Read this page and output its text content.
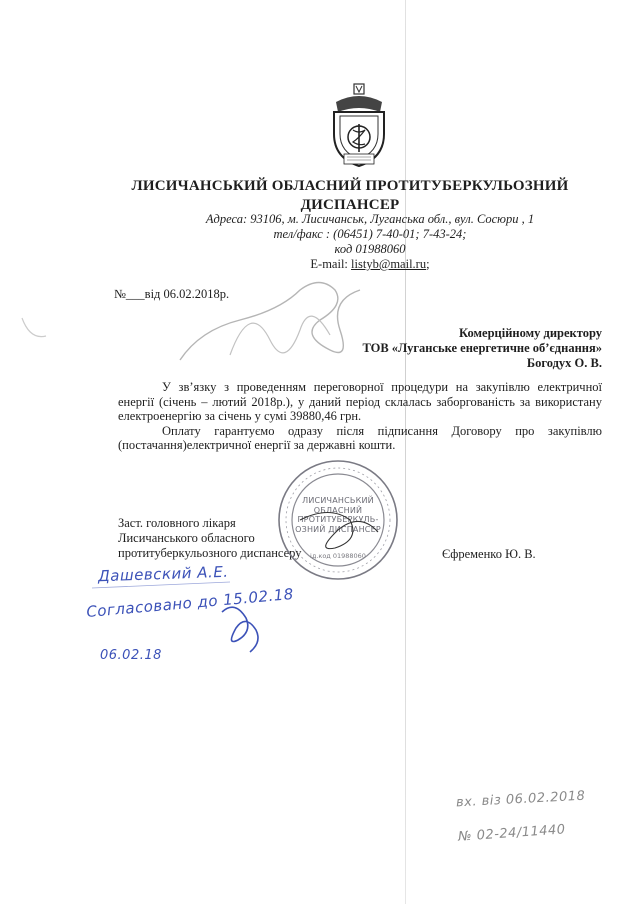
ЛИСИЧАНСЬКИЙ ОБЛАСНИЙ ПРОТИТУБЕРКУЛЬОЗНИЙ
ДИСПАНСЕР
Адреса: 93106, м. Лисичанськ, Луганська обл., вул. Сосюри , 1
тел/факс : (06451) 7-40-01; 7-43-24;
код 01988060
E-mail: listyb@mail.ru;
№___від 06.02.2018р.
Комерційному директору
ТОВ «Луганське енергетичне об’єднання»
Богодух О. В.

У зв’язку з проведенням переговорної процедури на закупівлю електричної енергії (січень – лютий 2018р.), у даний період склалась заборгованість за використану електроенергію за січень у сумі 39880,46 грн.

Оплату гарантуємо одразу після підписання Договору про закупівлю (постачання)електричної енергії за державні кошти.

Заст. головного лікаря
Лисичанського обласного
протитуберкульозного диспансеру	Єфременко Ю. В.
ЛИСИЧАНСЬКИЙ
ОБЛАСНИЙ
ПРОТИТУБЕРКУЛЬ-
ОЗНИЙ ДИСПАНСЕР
ід.код 01988060
Дашевский А.Е.
Согласовано до 15.02.18
06.02.18
вх. віз 06.02.2018
№ 02-24/11440
